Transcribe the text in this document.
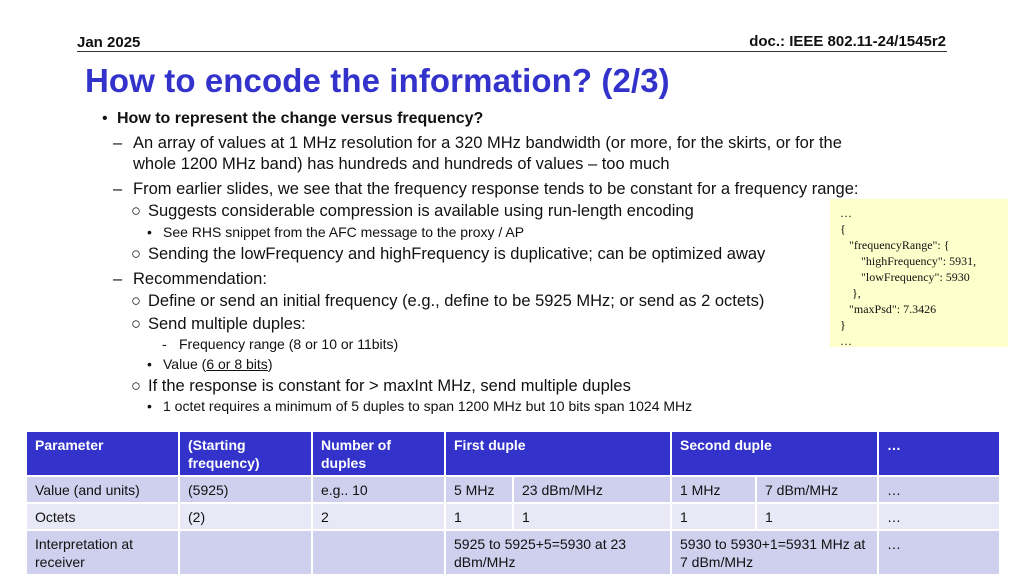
Jan 2025	doc.: IEEE 802.11-24/1545r2
How to encode the information? (2/3)
• How to represent the change versus frequency?
– An array of values at 1 MHz resolution for a 320 MHz bandwidth (or more, for the skirts, or for the
whole 1200 MHz band) has hundreds and hundreds of values – too much
– From earlier slides, we see that the frequency response tends to be constant for a frequency range:
○ Suggests considerable compression is available using run-length encoding
• See RHS snippet from the AFC message to the proxy / AP
○ Sending the lowFrequency and highFrequency is duplicative; can be optimized away
– Recommendation:
○ Define or send an initial frequency (e.g., define to be 5925 MHz; or send as 2 octets)
○ Send multiple duples:
- Frequency range (8 or 10 or 11bits)
• Value (6 or 8 bits)
○ If the response is constant for > maxInt MHz, send multiple duples
• 1 octet requires a minimum of 5 duples to span 1200 MHz but 10 bits span 1024 MHz
…
{
"frequencyRange": {
"highFrequency": 5931,
"lowFrequency": 5930
},
"maxPsd": 7.3426
}
…
Parameter	(Starting frequency)	Number of duples	First duple		Second duple		…
Value (and units)	(5925)	e.g.. 10	5 MHz	23 dBm/MHz	1 MHz	7 dBm/MHz	…
Octets	(2)	2	1	1	1	1	…
Interpretation at receiver			5925 to 5925+5=5930 at 23 dBm/MHz		5930 to 5930+1=5931 MHz at 7 dBm/MHz		…
